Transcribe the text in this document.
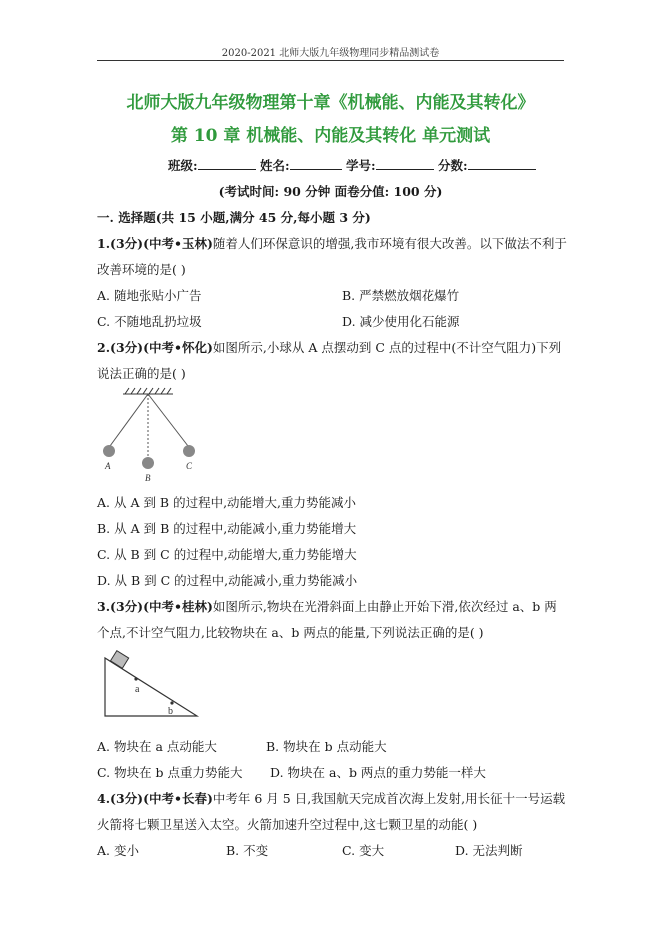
2020-2021 北师大版九年级物理同步精品测试卷
北师大版九年级物理第十章《机械能、内能及其转化》
第 10 章 机械能、内能及其转化 单元测试
班级:	姓名:	学号:	分数:
(考试时间: 90 分钟 面卷分值: 100 分)
一. 选择题(共 15 小题,满分 45 分,每小题 3 分)
1.(3分)(中考•玉林)随着人们环保意识的增强,我市环境有很大改善。以下做法不利于
改善环境的是( )
A. 随地张贴小广告	B. 严禁燃放烟花爆竹
C. 不随地乱扔垃圾	D. 减少使用化石能源
2.(3分)(中考•怀化)如图所示,小球从 A 点摆动到 C 点的过程中(不计空气阻力)下列
说法正确的是( )
A
B
C
A. 从 A 到 B 的过程中,动能增大,重力势能减小
B. 从 A 到 B 的过程中,动能减小,重力势能增大
C. 从 B 到 C 的过程中,动能增大,重力势能增大
D. 从 B 到 C 的过程中,动能减小,重力势能减小
3.(3分)(中考•桂林)如图所示,物块在光滑斜面上由静止开始下滑,依次经过 a、b 两
个点,不计空气阻力,比较物块在 a、b 两点的能量,下列说法正确的是( )
a
b
A. 物块在 a 点动能大	B. 物块在 b 点动能大
C. 物块在 b 点重力势能大 D. 物块在 a、b 两点的重力势能一样大
4.(3分)(中考•长春)中考年 6 月 5 日,我国航天完成首次海上发射,用长征十一号运载
火箭将七颗卫星送入太空。火箭加速升空过程中,这七颗卫星的动能( )
A. 变小	B. 不变	C. 变大	D. 无法判断
